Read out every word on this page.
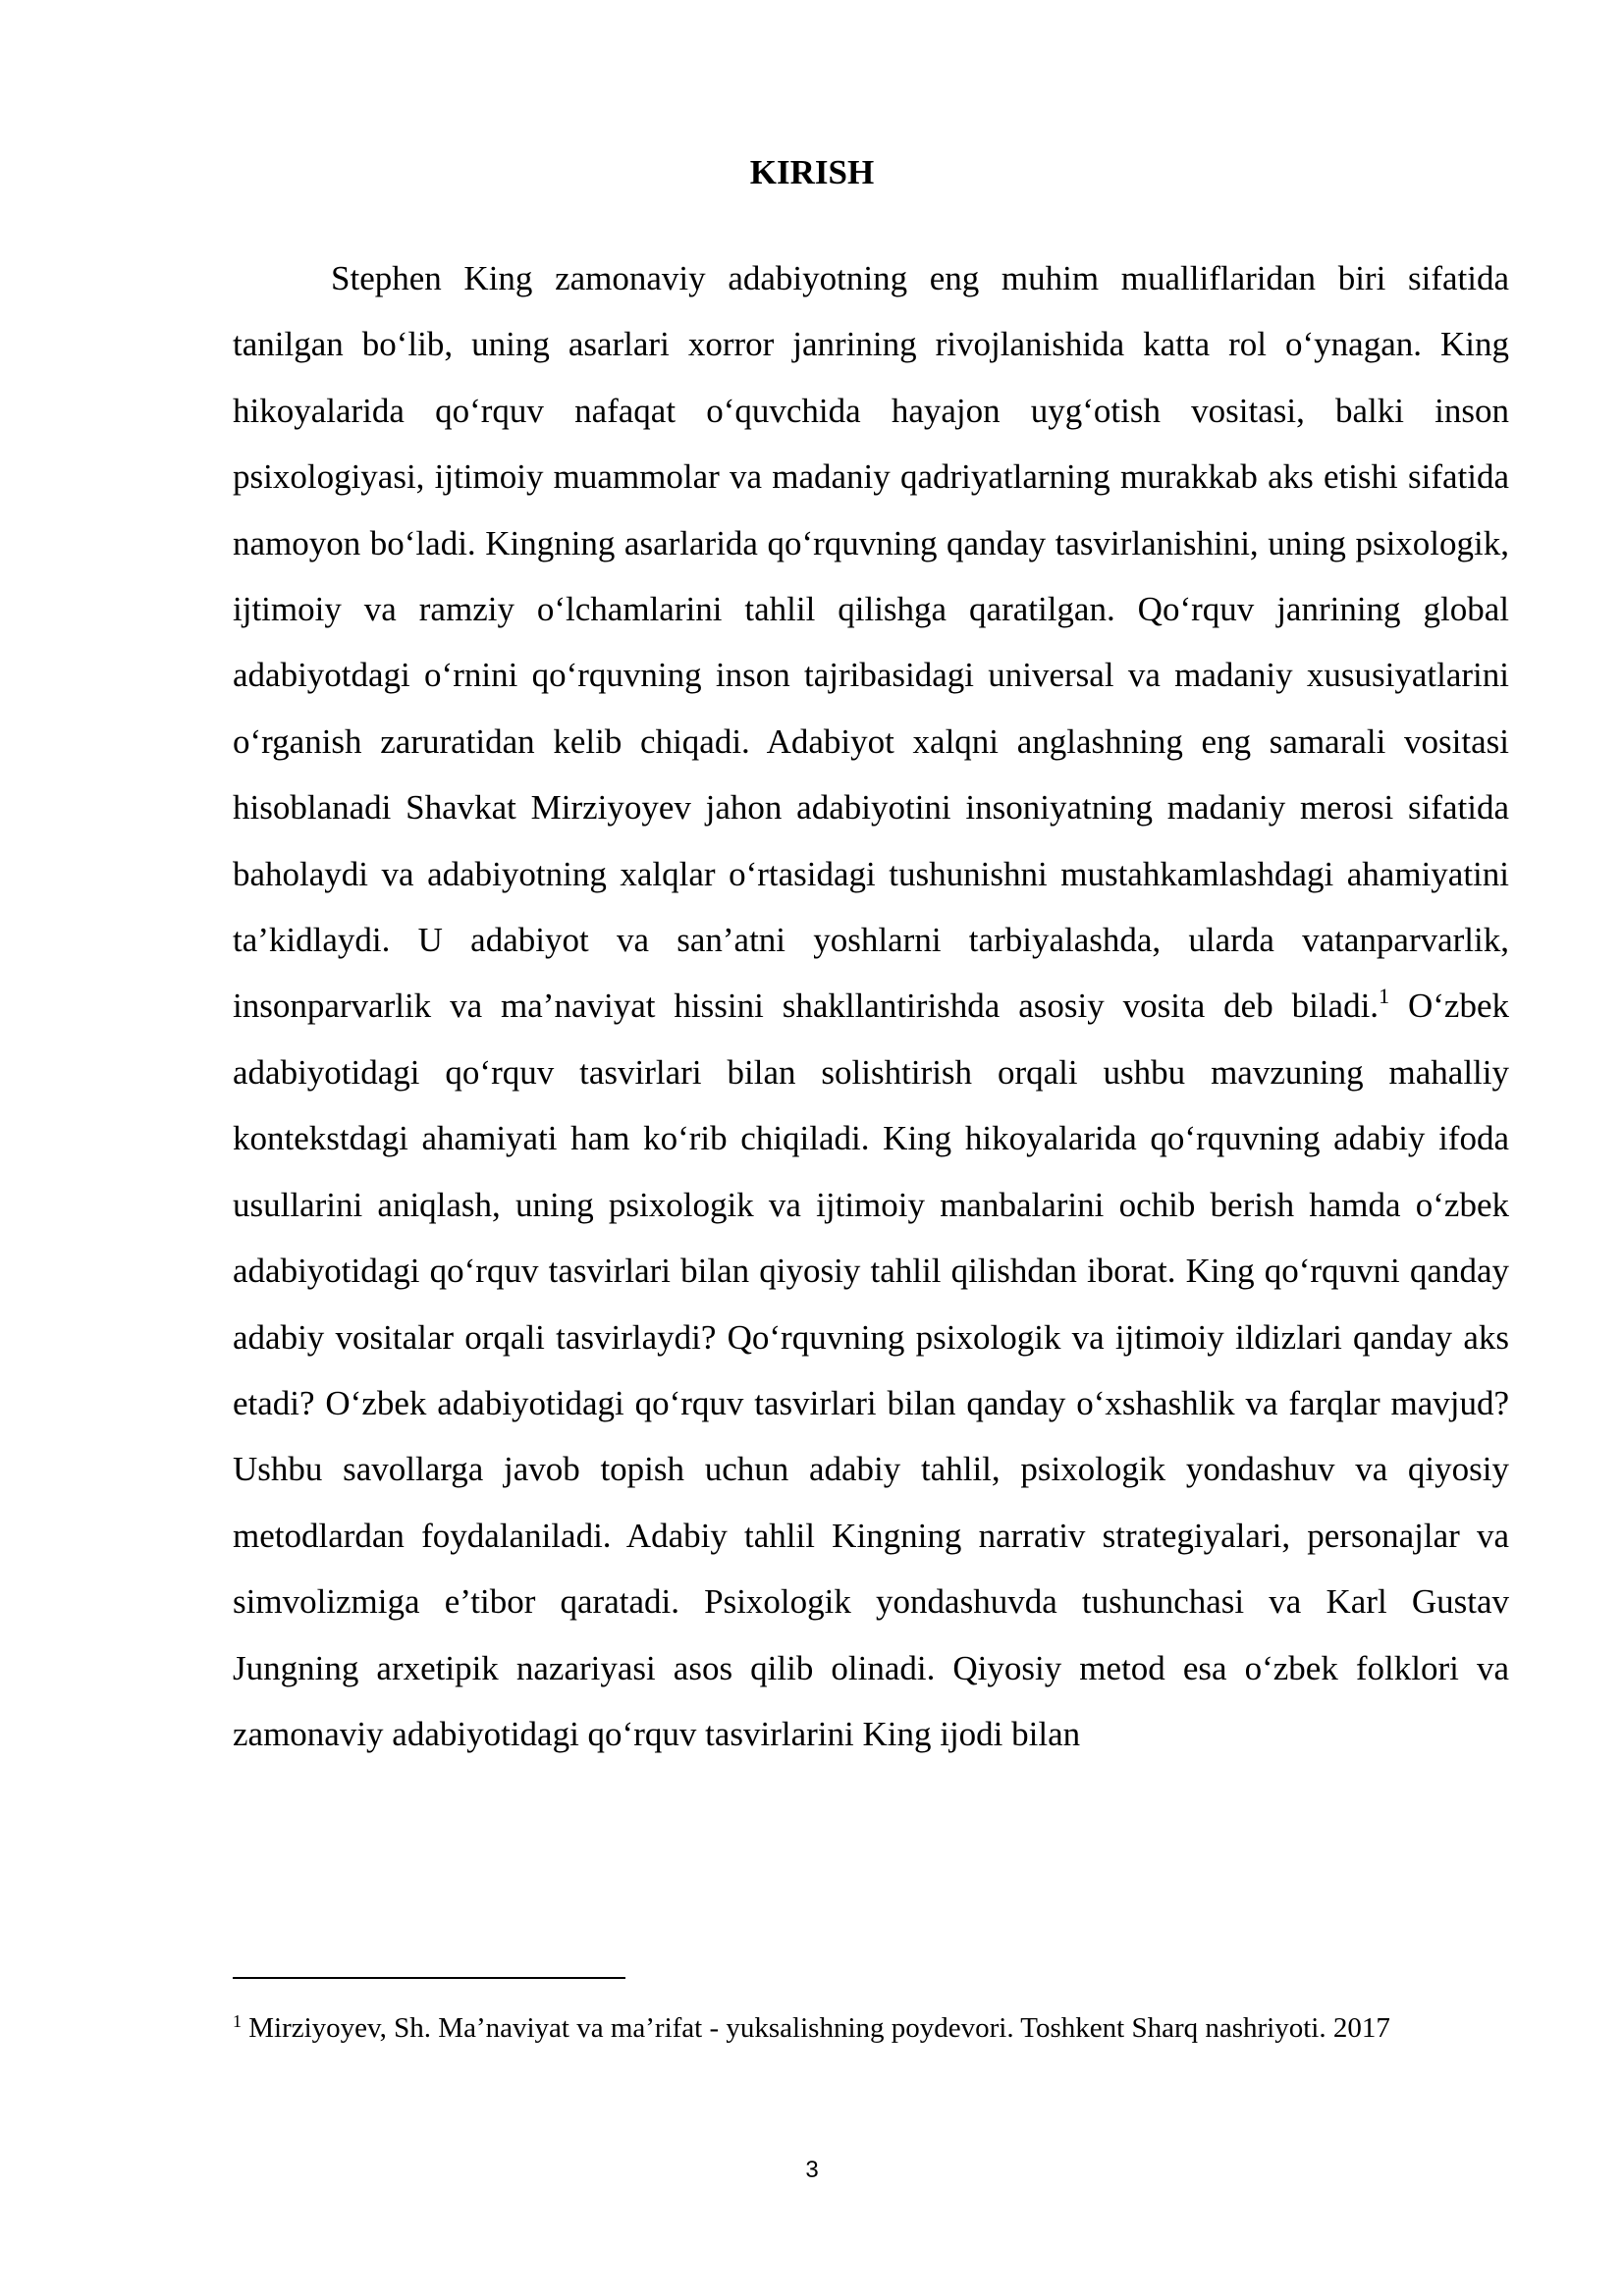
KIRISH

Stephen King zamonaviy adabiyotning eng muhim mualliflaridan biri sifatida tanilgan bo‘lib, uning asarlari xorror janrining rivojlanishida katta rol o‘ynagan. King hikoyalarida qo‘rquv nafaqat o‘quvchida hayajon uyg‘otish vositasi, balki inson psixologiyasi, ijtimoiy muammolar va madaniy qadriyatlarning murakkab aks etishi sifatida namoyon bo‘ladi. Kingning asarlarida qo‘rquvning qanday tasvirlanishini, uning psixologik, ijtimoiy va ramziy o‘lchamlarini tahlil qilishga qaratilgan. Qo‘rquv janrining global adabiyotdagi o‘rnini qo‘rquvning inson tajribasidagi universal va madaniy xususiyatlarini o‘rganish zaruratidan kelib chiqadi. Adabiyot xalqni anglashning eng samarali vositasi hisoblanadi Shavkat Mirziyoyev jahon adabiyotini insoniyatning madaniy merosi sifatida baholaydi va adabiyotning xalqlar o‘rtasidagi tushunishni mustahkamlashdagi ahamiyatini ta’kidlaydi. U adabiyot va san’atni yoshlarni tarbiyalashda, ularda vatanparvarlik, insonparvarlik va ma’naviyat hissini shakllantirishda asosiy vosita deb biladi.$^1$ O‘zbek adabiyotidagi qo‘rquv tasvirlari bilan solishtirish orqali ushbu mavzuning mahalliy kontekstdagi ahamiyati ham ko‘rib chiqiladi. King hikoyalarida qo‘rquvning adabiy ifoda usullarini aniqlash, uning psixologik va ijtimoiy manbalarini ochib berish hamda o‘zbek adabiyotidagi qo‘rquv tasvirlari bilan qiyosiy tahlil qilishdan iborat. King qo‘rquvni qanday adabiy vositalar orqali tasvirlaydi? Qo‘rquvning psixologik va ijtimoiy ildizlari qanday aks etadi? O‘zbek adabiyotidagi qo‘rquv tasvirlari bilan qanday o‘xshashlik va farqlar mavjud? Ushbu savollarga javob topish uchun adabiy tahlil, psixologik yondashuv va qiyosiy metodlardan foydalaniladi. Adabiy tahlil Kingning narrativ strategiyalari, personajlar va simvolizmiga e’tibor qaratadi. Psixologik yondashuvda tushunchasi va Karl Gustav Jungning arxetipik nazariyasi asos qilib olinadi. Qiyosiy metod esa o‘zbek folklori va zamonaviy adabiyotidagi qo‘rquv tasvirlarini King ijodi bilan

$^1$ Mirziyoyev, Sh. Ma’naviyat va ma’rifat - yuksalishning poydevori. Toshkent Sharq nashriyoti. 2017

3
